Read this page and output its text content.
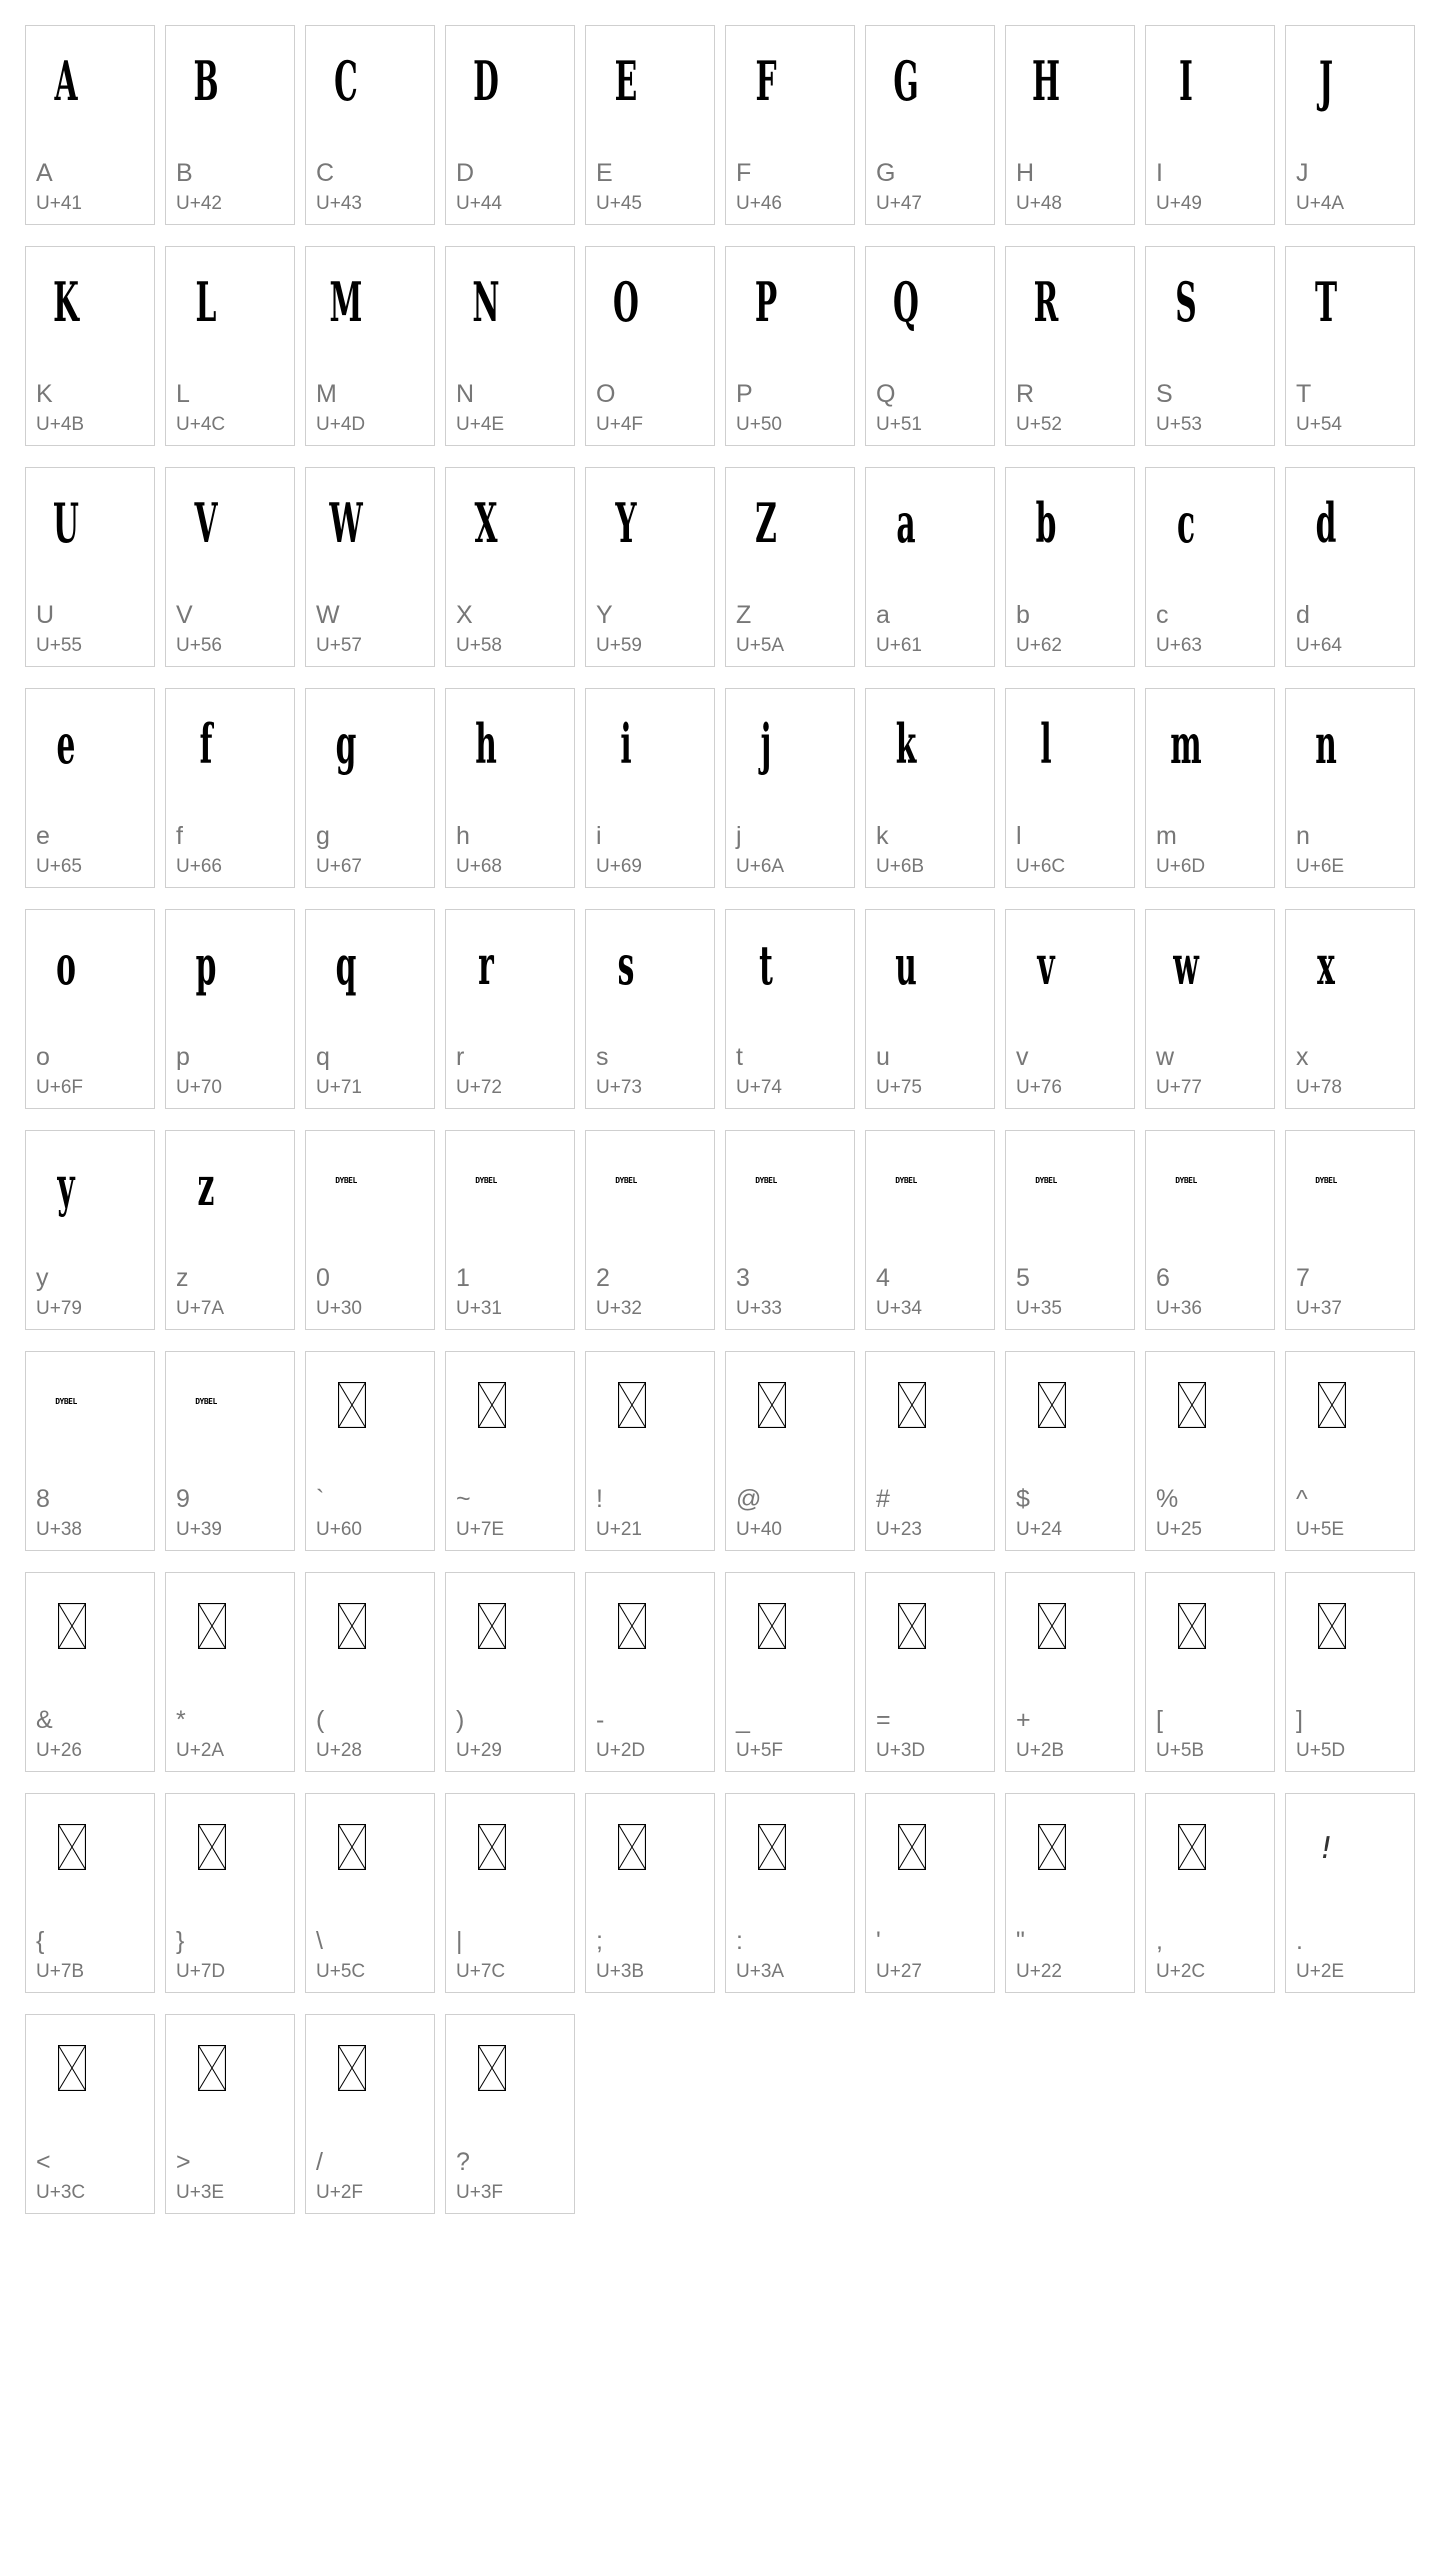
A
A
U+41
B
B
U+42
C
C
U+43
D
D
U+44
E
E
U+45
F
F
U+46
G
G
U+47
H
H
U+48
I
I
U+49
J
J
U+4A
K
K
U+4B
L
L
U+4C
M
M
U+4D
N
N
U+4E
O
O
U+4F
P
P
U+50
Q
Q
U+51
R
R
U+52
S
S
U+53
T
T
U+54
U
U
U+55
V
V
U+56
W
W
U+57
X
X
U+58
Y
Y
U+59
Z
Z
U+5A
a
a
U+61
b
b
U+62
c
c
U+63
d
d
U+64
e
e
U+65
f
f
U+66
g
g
U+67
h
h
U+68
i
i
U+69
j
j
U+6A
k
k
U+6B
l
l
U+6C
m
m
U+6D
n
n
U+6E
o
o
U+6F
p
p
U+70
q
q
U+71
r
r
U+72
s
s
U+73
t
t
U+74
u
u
U+75
v
v
U+76
w
w
U+77
x
x
U+78
y
y
U+79
z
z
U+7A
DYBEL
0
U+30
DYBEL
1
U+31
DYBEL
2
U+32
DYBEL
3
U+33
DYBEL
4
U+34
DYBEL
5
U+35
DYBEL
6
U+36
DYBEL
7
U+37
DYBEL
8
U+38
DYBEL
9
U+39
`
U+60
~
U+7E
!
U+21
@
U+40
#
U+23
$
U+24
%
U+25
^
U+5E
&
U+26
*
U+2A
(
U+28
)
U+29
-
U+2D
_
U+5F
=
U+3D
+
U+2B
[
U+5B
]
U+5D
{
U+7B
}
U+7D
\
U+5C
|
U+7C
;
U+3B
:
U+3A
'
U+27
"
U+22
,
U+2C
!
.
U+2E
<
U+3C
>
U+3E
/
U+2F
?
U+3F
